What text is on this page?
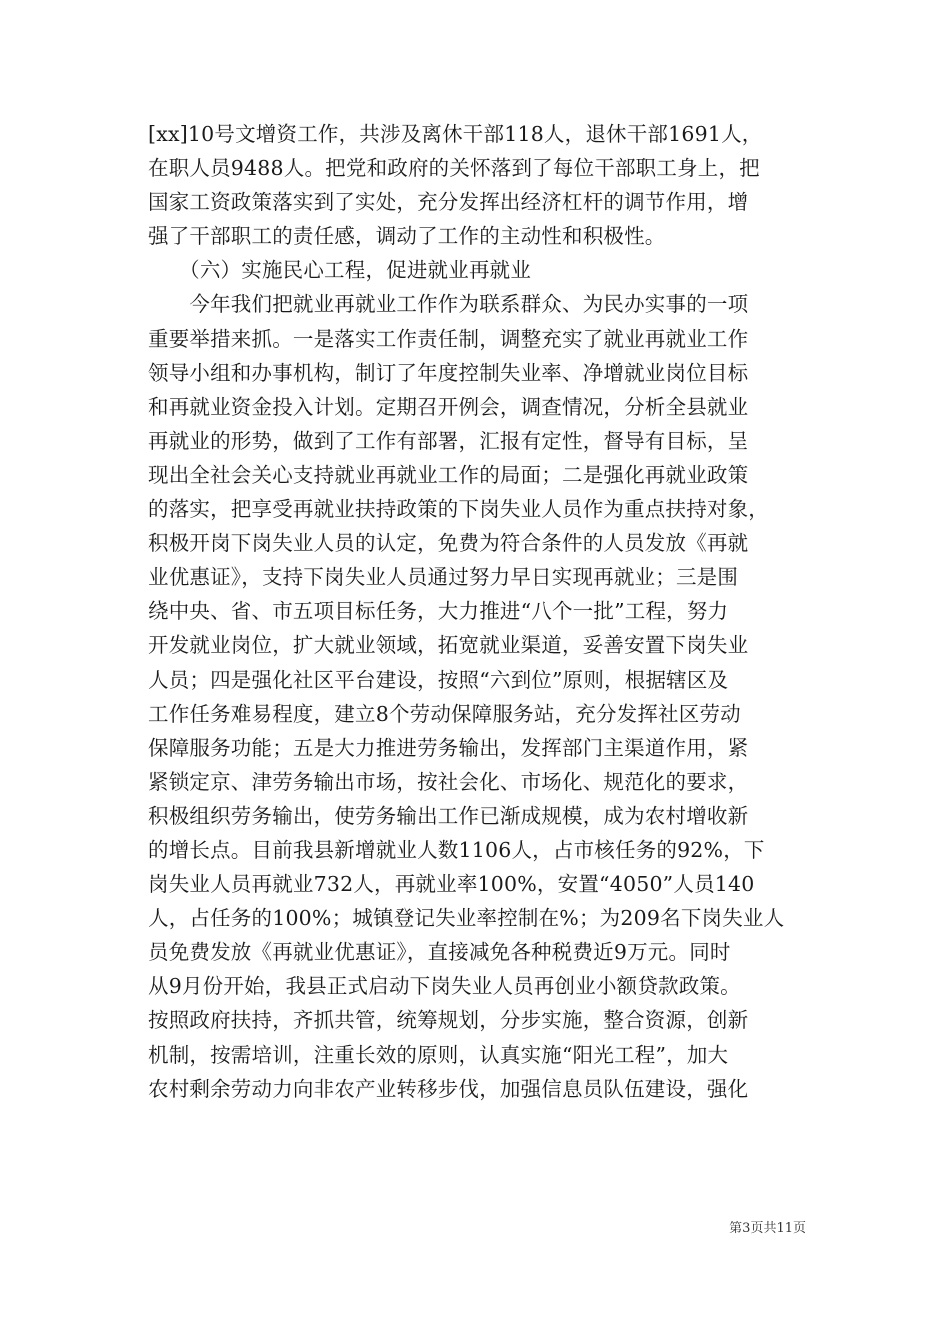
[xx]10号文增资工作，共涉及离休干部118人，退休干部1691人，
在职人员9488人。把党和政府的关怀落到了每位干部职工身上，把
国家工资政策落实到了实处，充分发挥出经济杠杆的调节作用，增
强了干部职工的责任感，调动了工作的主动性和积极性。
　　（六）实施民心工程，促进就业再就业
　　今年我们把就业再就业工作作为联系群众、为民办实事的一项
重要举措来抓。一是落实工作责任制，调整充实了就业再就业工作
领导小组和办事机构，制订了年度控制失业率、净增就业岗位目标
和再就业资金投入计划。定期召开例会，调查情况，分析全县就业
再就业的形势，做到了工作有部署，汇报有定性，督导有目标，呈
现出全社会关心支持就业再就业工作的局面；二是强化再就业政策
的落实，把享受再就业扶持政策的下岗失业人员作为重点扶持对象，
积极开岗下岗失业人员的认定，免费为符合条件的人员发放《再就
业优惠证》，支持下岗失业人员通过努力早日实现再就业；三是围
绕中央、省、市五项目标任务，大力推进“八个一批”工程，努力
开发就业岗位，扩大就业领域，拓宽就业渠道，妥善安置下岗失业
人员；四是强化社区平台建设，按照“六到位”原则，根据辖区及
工作任务难易程度，建立8个劳动保障服务站，充分发挥社区劳动
保障服务功能；五是大力推进劳务输出，发挥部门主渠道作用，紧
紧锁定京、津劳务输出市场，按社会化、市场化、规范化的要求，
积极组织劳务输出，使劳务输出工作已渐成规模，成为农村增收新
的增长点。目前我县新增就业人数1106人，占市核任务的92%，下
岗失业人员再就业732人，再就业率100%，安置“4050”人员140
人，占任务的100%；城镇登记失业率控制在%；为209名下岗失业人
员免费发放《再就业优惠证》，直接减免各种税费近9万元。同时
从9月份开始，我县正式启动下岗失业人员再创业小额贷款政策。
按照政府扶持，齐抓共管，统筹规划，分步实施，整合资源，创新
机制，按需培训，注重长效的原则，认真实施“阳光工程”，加大
农村剩余劳动力向非农产业转移步伐，加强信息员队伍建设，强化
第3页共11页
